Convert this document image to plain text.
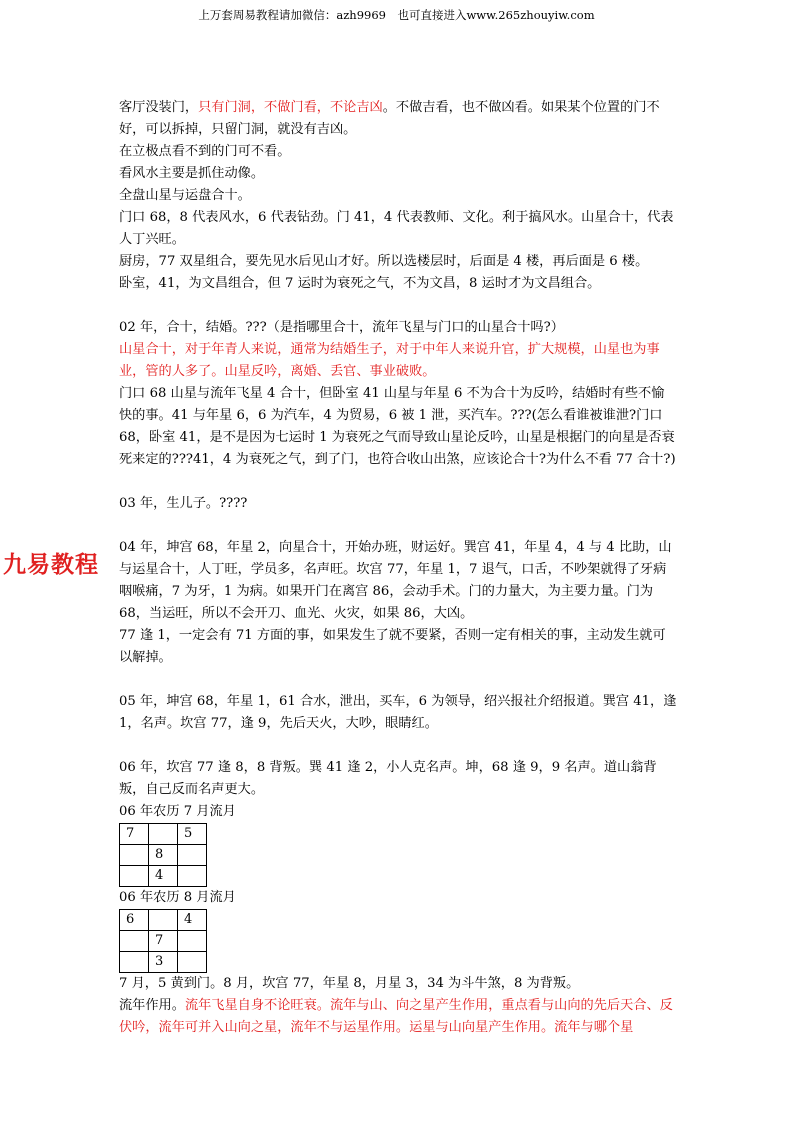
上万套周易教程请加微信：azh9969　也可直接进入www.265zhouyiw.com
九易教程

客厅没装门，只有门洞，不做门看，不论吉凶。不做吉看，也不做凶看。如果某个位置的门不好，可以拆掉，只留门洞，就没有吉凶。

在立极点看不到的门可不看。

看风水主要是抓住动像。

全盘山星与运盘合十。

门口 68，8 代表风水，6 代表钻劲。门 41，4 代表教师、文化。利于搞风水。山星合十，代表人丁兴旺。

厨房，77 双星组合，要先见水后见山才好。所以选楼层时，后面是 4 楼，再后面是 6 楼。

卧室，41，为文昌组合，但 7 运时为衰死之气，不为文昌，8 运时才为文昌组合。

02 年，合十，结婚。???（是指哪里合十，流年飞星与门口的山星合十吗?）

山星合十，对于年青人来说，通常为结婚生子，对于中年人来说升官，扩大规模，山星也为事业，管的人多了。山星反吟，离婚、丢官、事业破败。

门口 68 山星与流年飞星 4 合十，但卧室 41 山星与年星 6 不为合十为反吟，结婚时有些不愉快的事。41 与年星 6，6 为汽车，4 为贸易，6 被 1 泄，买汽车。???(怎么看谁被谁泄?门口 68，卧室 41，是不是因为七运时 1 为衰死之气而导致山星论反吟，山星是根据门的向星是否衰死来定的???41，4 为衰死之气，到了门，也符合收山出煞，应该论合十?为什么不看 77 合十?)

03 年，生儿子。????

04 年，坤宫 68，年星 2，向星合十，开始办班，财运好。巽宫 41，年星 4，4 与 4 比助，山与运星合十，人丁旺，学员多，名声旺。坎宫 77，年星 1，7 退气，口舌，不吵架就得了牙病咽喉痛，7 为牙，1 为病。如果开门在离宫 86，会动手术。门的力量大，为主要力量。门为 68，当运旺，所以不会开刀、血光、火灾，如果 86，大凶。

77 逢 1，一定会有 71 方面的事，如果发生了就不要紧，否则一定有相关的事，主动发生就可以解掉。

05 年，坤宫 68，年星 1，61 合水，泄出，买车，6 为领导，绍兴报社介绍报道。巽宫 41，逢 1，名声。坎宫 77，逢 9，先后天火，大吵，眼睛红。

06 年，坎宫 77 逢 8，8 背叛。巽 41 逢 2，小人克名声。坤，68 逢 9，9 名声。道山翁背叛，自己反而名声更大。

06 年农历 7 月流月

7		5
	8	
	4	

06 年农历 8 月流月

6		4
	7	
	3	

7 月，5 黄到门。8 月，坎宫 77，年星 8，月星 3，34 为斗牛煞，8 为背叛。

流年作用。流年飞星自身不论旺衰。流年与山、向之星产生作用，重点看与山向的先后天合、反伏吟，流年可并入山向之星，流年不与运星作用。运星与山向星产生作用。流年与哪个星
